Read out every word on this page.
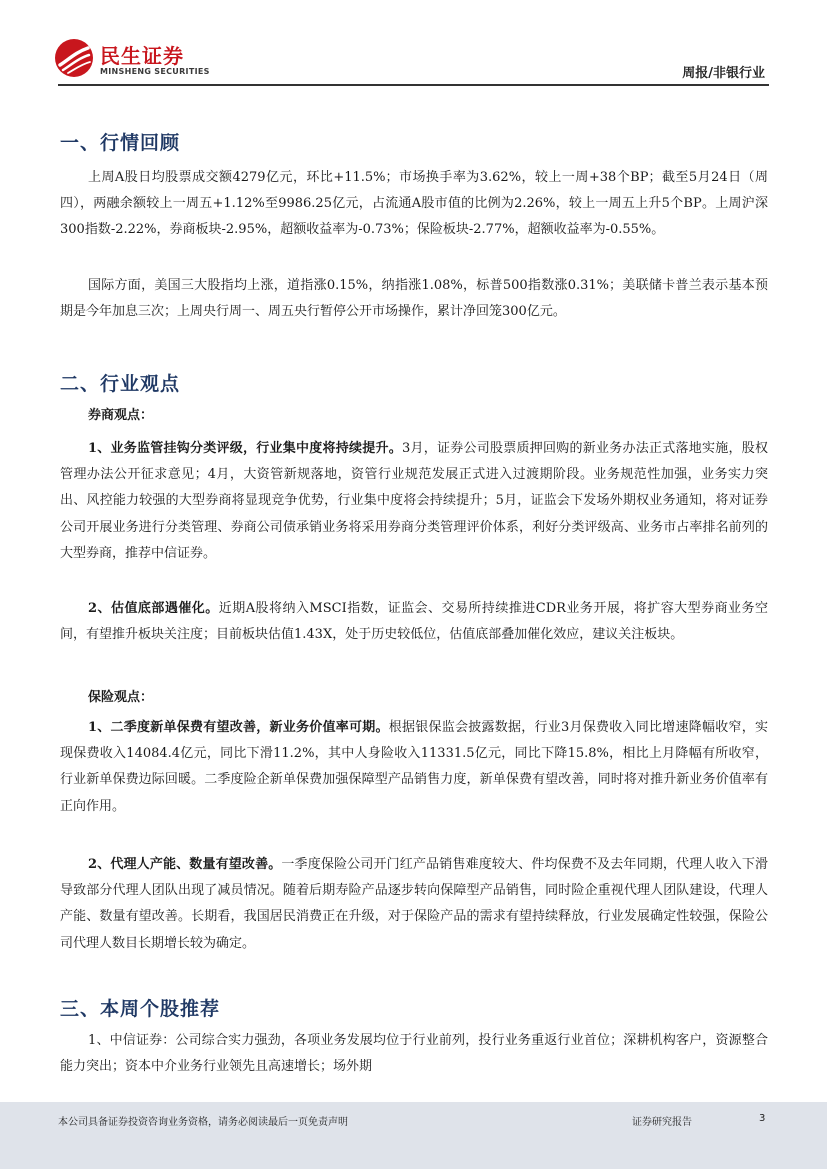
民生证券
MINSHENG SECURITIES	周报/非银行业
一、行情回顾

上周A股日均股票成交额4279亿元，环比+11.5%；市场换手率为3.62%，较上一周+38个BP；截至5月24日（周四），两融余额较上一周五+1.12%至9986.25亿元，占流通A股市值的比例为2.26%，较上一周五上升5个BP。上周沪深300指数-2.22%，券商板块-2.95%，超额收益率为-0.73%；保险板块-2.77%，超额收益率为-0.55%。

国际方面，美国三大股指均上涨，道指涨0.15%，纳指涨1.08%，标普500指数涨0.31%；美联储卡普兰表示基本预期是今年加息三次；上周央行周一、周五央行暂停公开市场操作，累计净回笼300亿元。

二、行业观点
券商观点：

1、业务监管挂钩分类评级，行业集中度将持续提升。3月，证券公司股票质押回购的新业务办法正式落地实施，股权管理办法公开征求意见；4月，大资管新规落地，资管行业规范发展正式进入过渡期阶段。业务规范性加强，业务实力突出、风控能力较强的大型券商将显现竞争优势，行业集中度将会持续提升；5月，证监会下发场外期权业务通知，将对证券公司开展业务进行分类管理、券商公司债承销业务将采用券商分类管理评价体系，利好分类评级高、业务市占率排名前列的大型券商，推荐中信证券。

2、估值底部遇催化。近期A股将纳入MSCI指数，证监会、交易所持续推进CDR业务开展，将扩容大型券商业务空间，有望推升板块关注度；目前板块估值1.43X，处于历史较低位，估值底部叠加催化效应，建议关注板块。

保险观点：

1、二季度新单保费有望改善，新业务价值率可期。根据银保监会披露数据，行业3月保费收入同比增速降幅收窄，实现保费收入14084.4亿元，同比下滑11.2%，其中人身险收入11331.5亿元，同比下降15.8%，相比上月降幅有所收窄，行业新单保费边际回暖。二季度险企新单保费加强保障型产品销售力度，新单保费有望改善，同时将对推升新业务价值率有正向作用。

2、代理人产能、数量有望改善。一季度保险公司开门红产品销售难度较大、件均保费不及去年同期，代理人收入下滑导致部分代理人团队出现了减员情况。随着后期寿险产品逐步转向保障型产品销售，同时险企重视代理人团队建设，代理人产能、数量有望改善。长期看，我国居民消费正在升级，对于保险产品的需求有望持续释放，行业发展确定性较强，保险公司代理人数目长期增长较为确定。

三、本周个股推荐

1、中信证券：公司综合实力强劲，各项业务发展均位于行业前列，投行业务重返行业首位；深耕机构客户，资源整合能力突出；资本中介业务行业领先且高速增长；场外期

本公司具备证券投资咨询业务资格，请务必阅读最后一页免责声明	证券研究报告	3
